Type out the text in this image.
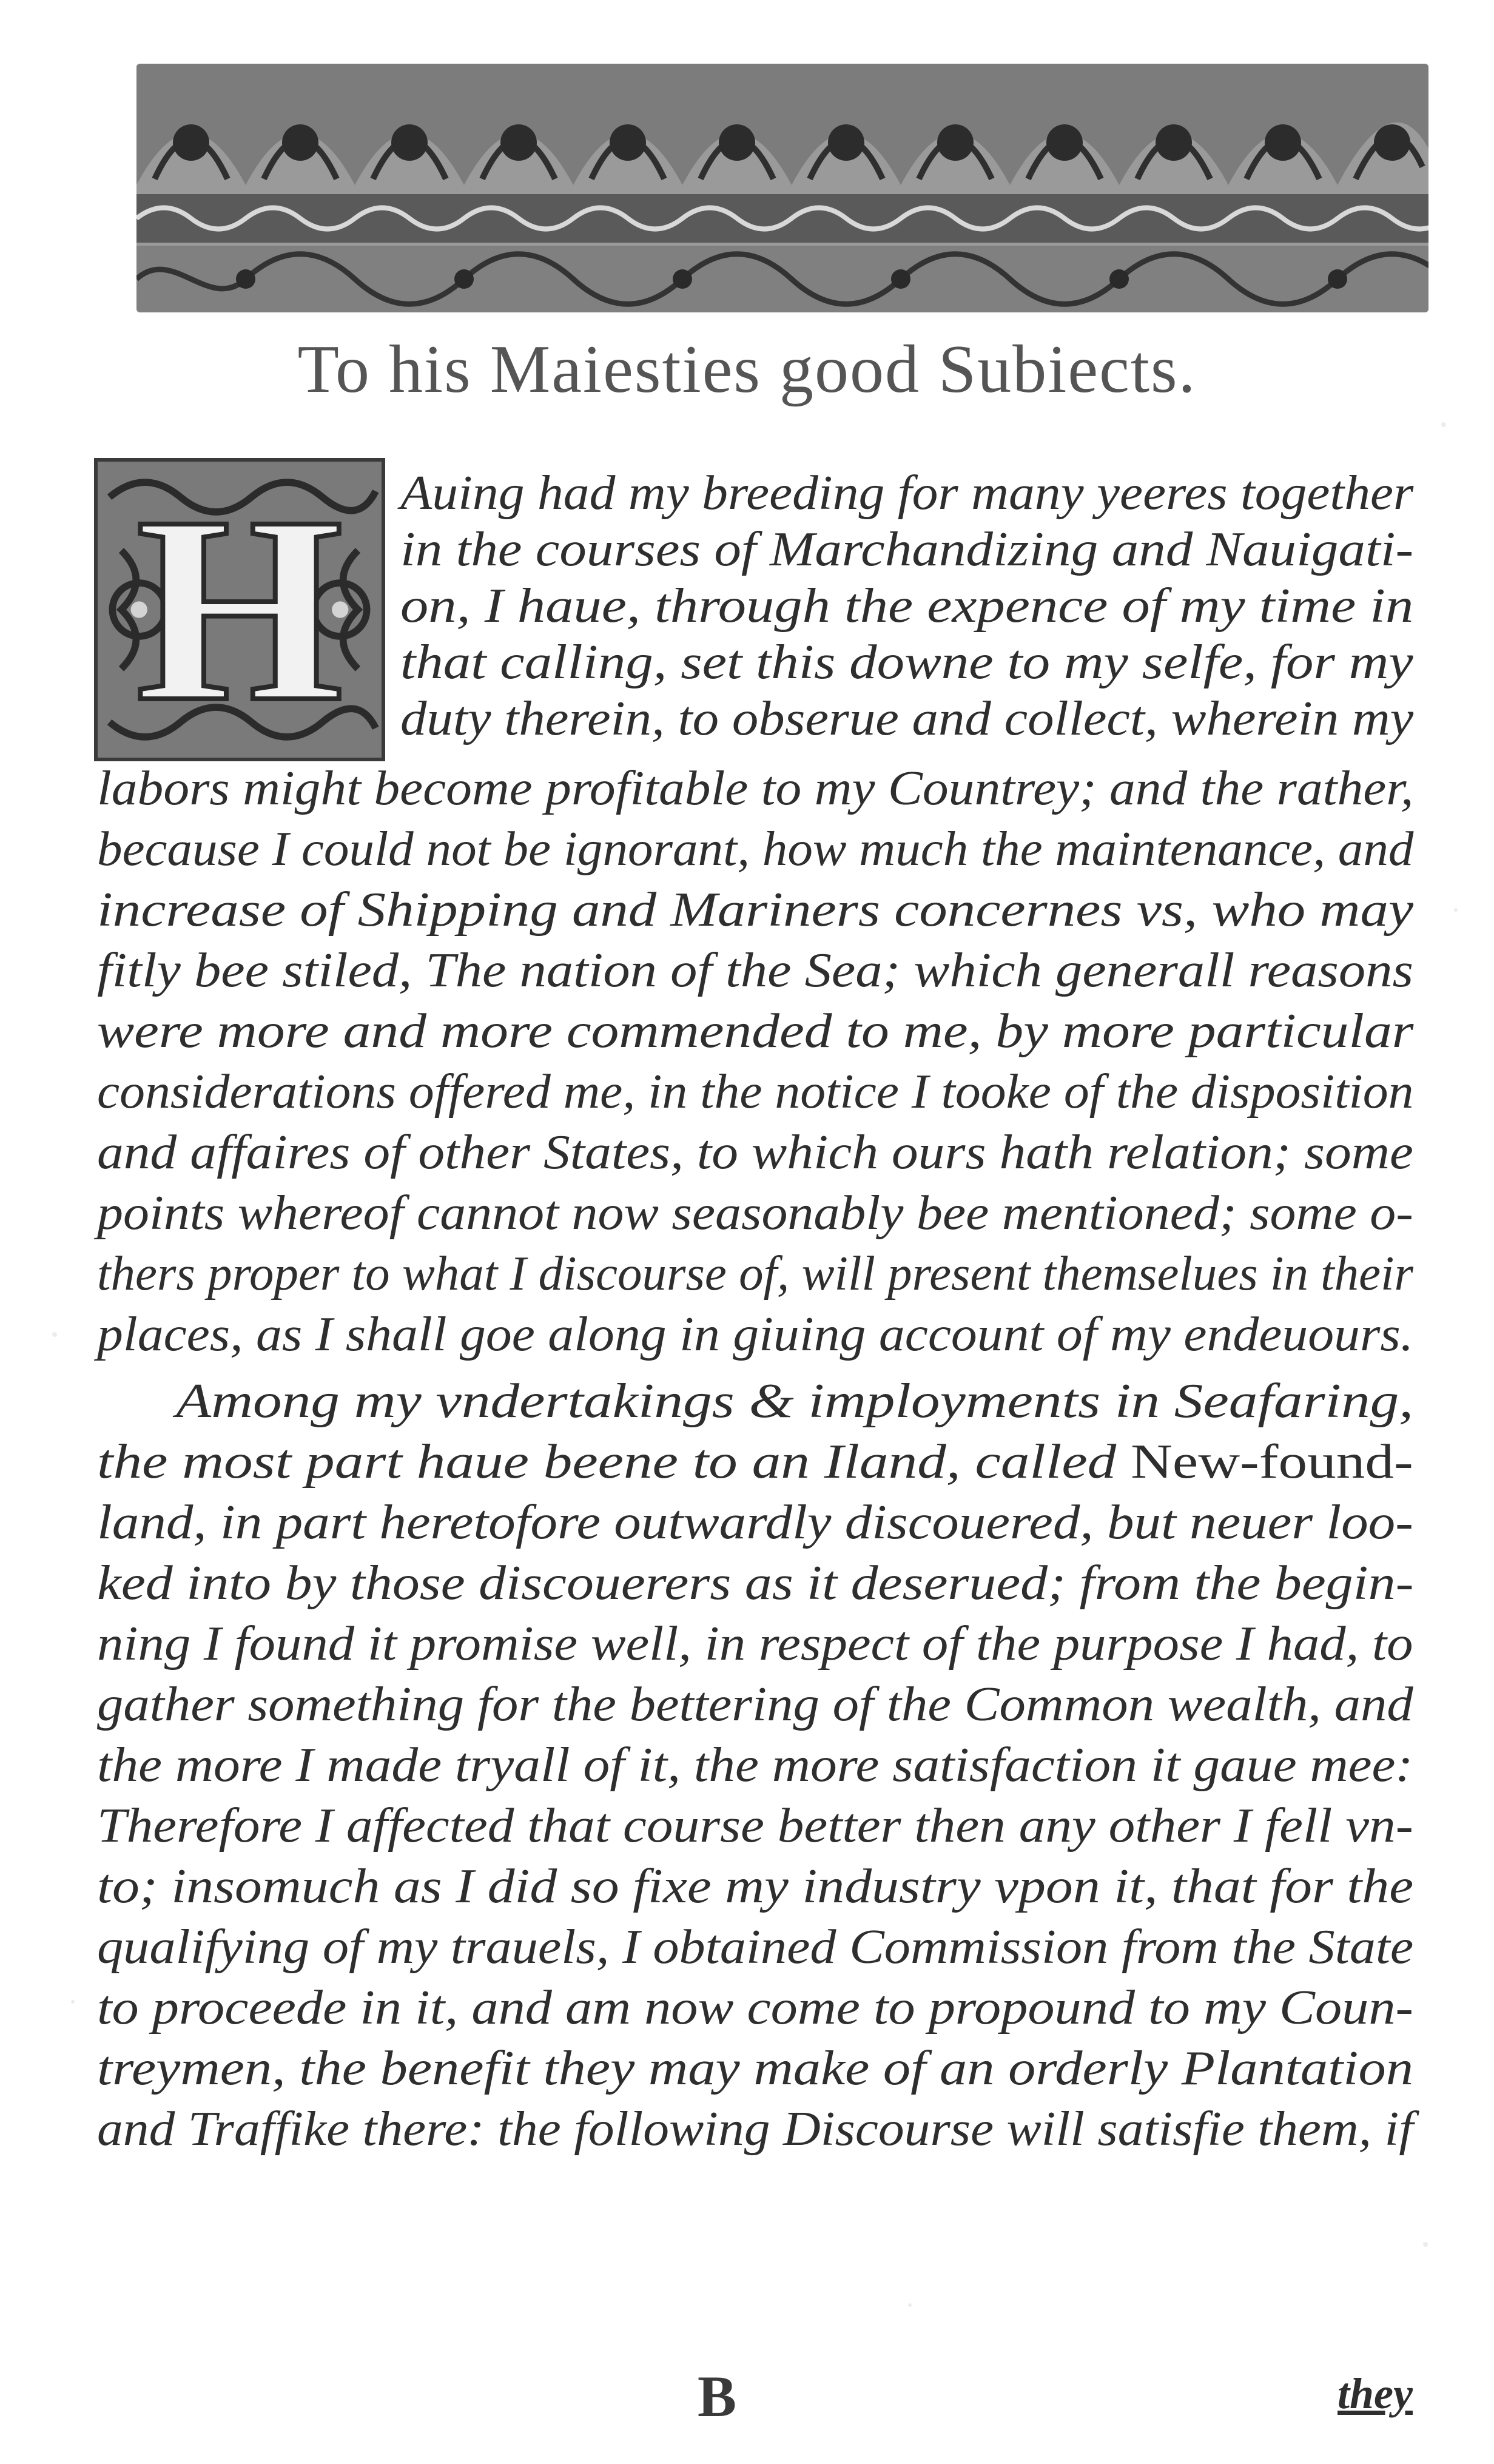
To his Maiesties good Subiects.
H	Auing had my breeding for many yeeres together
in the courses of Marchandizing and Nauigati-
on, I haue, through the expence of my time in
that calling, set this downe to my selfe, for my
duty therein, to obserue and collect, wherein my
labors might become profitable to my Countrey; and the rather,
because I could not be ignorant, how much the maintenance, and
increase of Shipping and Mariners concernes vs, who may
fitly bee stiled, The nation of the Sea; which generall reasons
were more and more commended to me, by more particular
considerations offered me, in the notice I tooke of the disposition
and affaires of other States, to which ours hath relation; some
points whereof cannot now seasonably bee mentioned; some o-
thers proper to what I discourse of, will present themselues in their
places, as I shall goe along in giuing account of my endeuours.
Among my vndertakings & imployments in Seafaring,
the most part haue beene to an Iland, called New-found-
land, in part heretofore outwardly discouered, but neuer loo-
ked into by those discouerers as it deserued; from the begin-
ning I found it promise well, in respect of the purpose I had, to
gather something for the bettering of the Common wealth, and
the more I made tryall of it, the more satisfaction it gaue mee:
Therefore I affected that course better then any other I fell vn-
to; insomuch as I did so fixe my industry vpon it, that for the
qualifying of my trauels, I obtained Commission from the State
to proceede in it, and am now come to propound to my Coun-
treymen, the benefit they may make of an orderly Plantation
and Traffike there: the following Discourse will satisfie them, if
B	they
